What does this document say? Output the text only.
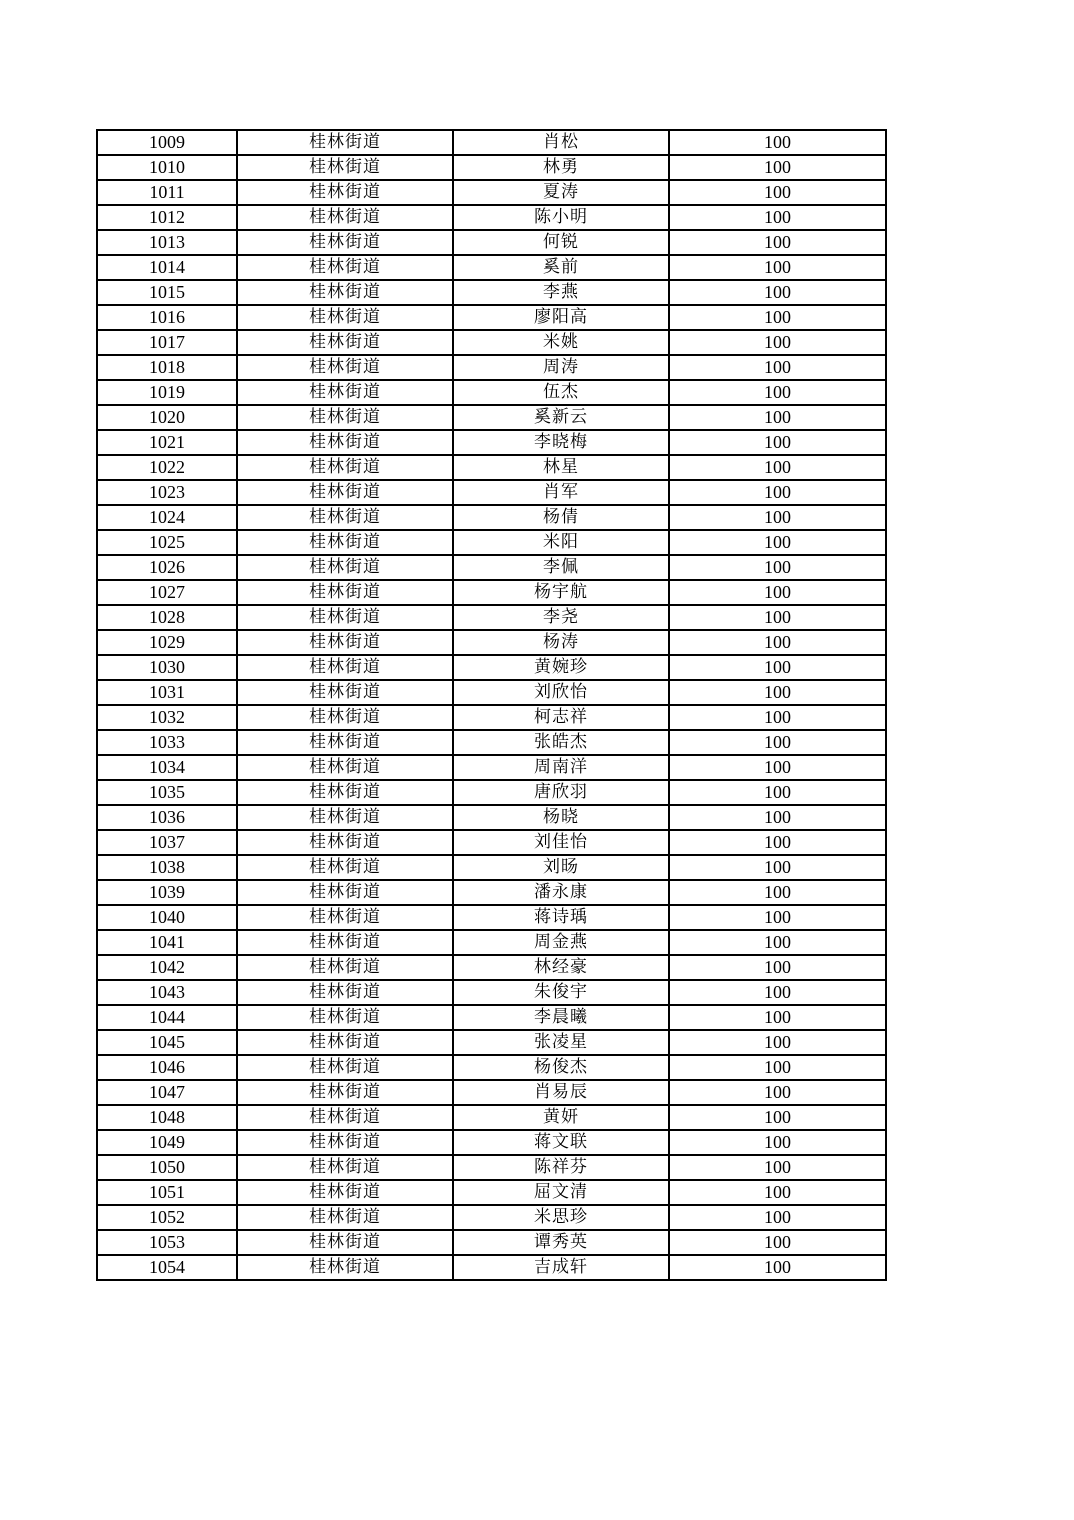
1009	桂林街道	肖松	100
1010	桂林街道	林勇	100
1011	桂林街道	夏涛	100
1012	桂林街道	陈小明	100
1013	桂林街道	何锐	100
1014	桂林街道	奚前	100
1015	桂林街道	李燕	100
1016	桂林街道	廖阳高	100
1017	桂林街道	米姚	100
1018	桂林街道	周涛	100
1019	桂林街道	伍杰	100
1020	桂林街道	奚新云	100
1021	桂林街道	李晓梅	100
1022	桂林街道	林星	100
1023	桂林街道	肖军	100
1024	桂林街道	杨倩	100
1025	桂林街道	米阳	100
1026	桂林街道	李佩	100
1027	桂林街道	杨宇航	100
1028	桂林街道	李尧	100
1029	桂林街道	杨涛	100
1030	桂林街道	黄婉珍	100
1031	桂林街道	刘欣怡	100
1032	桂林街道	柯志祥	100
1033	桂林街道	张皓杰	100
1034	桂林街道	周南洋	100
1035	桂林街道	唐欣羽	100
1036	桂林街道	杨晓	100
1037	桂林街道	刘佳怡	100
1038	桂林街道	刘旸	100
1039	桂林街道	潘永康	100
1040	桂林街道	蒋诗瑀	100
1041	桂林街道	周金燕	100
1042	桂林街道	林经豪	100
1043	桂林街道	朱俊宇	100
1044	桂林街道	李晨曦	100
1045	桂林街道	张凌星	100
1046	桂林街道	杨俊杰	100
1047	桂林街道	肖易辰	100
1048	桂林街道	黄妍	100
1049	桂林街道	蒋文联	100
1050	桂林街道	陈祥芬	100
1051	桂林街道	屈文清	100
1052	桂林街道	米思珍	100
1053	桂林街道	谭秀英	100
1054	桂林街道	吉成轩	100
